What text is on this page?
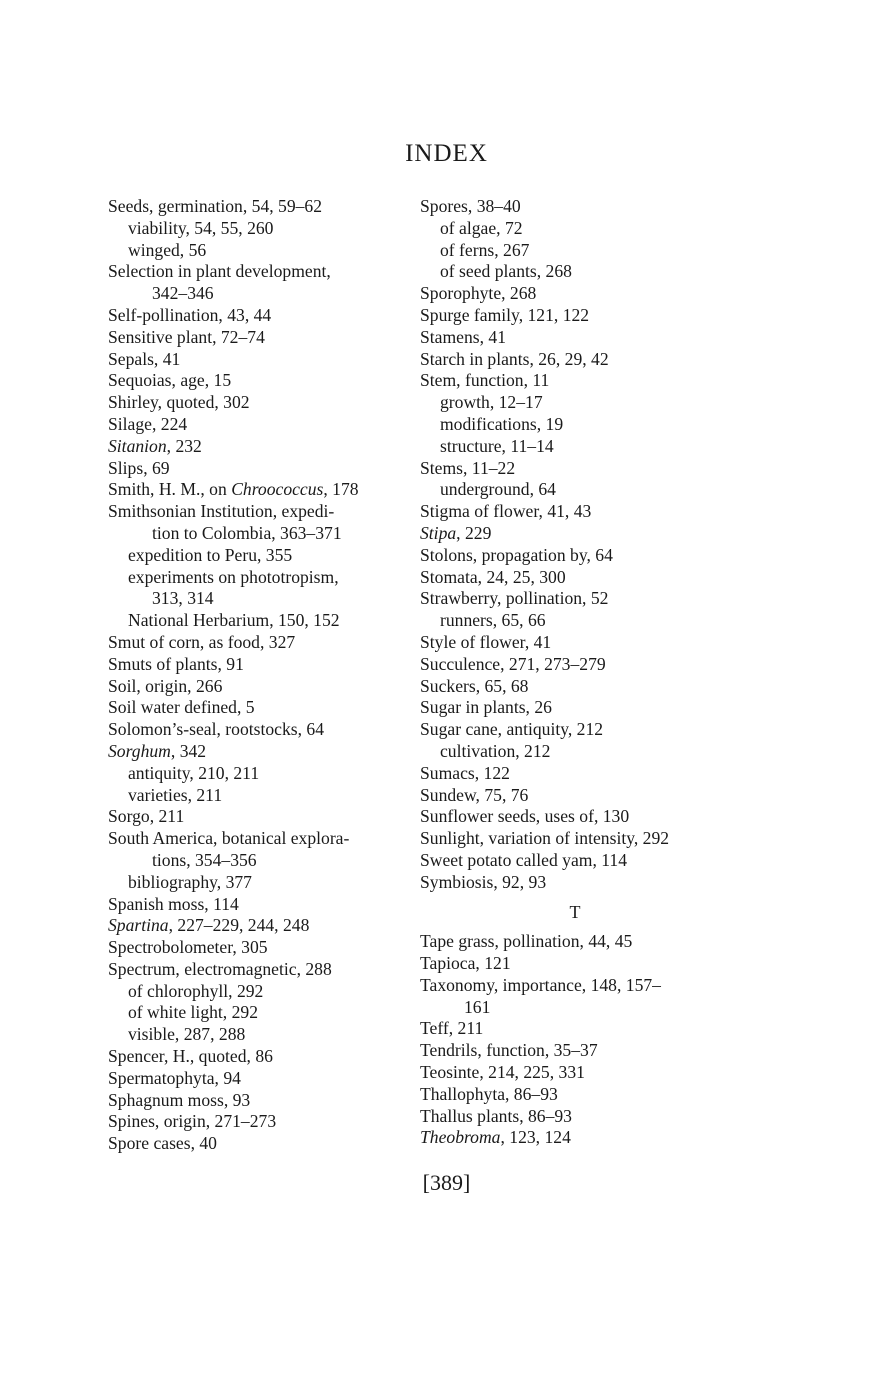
INDEX
Seeds, germination, 54, 59–62
viability, 54, 55, 260
winged, 56
Selection in plant development,
342–346
Self-pollination, 43, 44
Sensitive plant, 72–74
Sepals, 41
Sequoias, age, 15
Shirley, quoted, 302
Silage, 224
Sitanion, 232
Slips, 69
Smith, H. M., on Chroococcus, 178
Smithsonian Institution, expedi-
tion to Colombia, 363–371
expedition to Peru, 355
experiments on phototropism,
313, 314
National Herbarium, 150, 152
Smut of corn, as food, 327
Smuts of plants, 91
Soil, origin, 266
Soil water defined, 5
Solomon’s-seal, rootstocks, 64
Sorghum, 342
antiquity, 210, 211
varieties, 211
Sorgo, 211
South America, botanical explora-
tions, 354–356
bibliography, 377
Spanish moss, 114
Spartina, 227–229, 244, 248
Spectrobolometer, 305
Spectrum, electromagnetic, 288
of chlorophyll, 292
of white light, 292
visible, 287, 288
Spencer, H., quoted, 86
Spermatophyta, 94
Sphagnum moss, 93
Spines, origin, 271–273
Spore cases, 40
Spores, 38–40
of algae, 72
of ferns, 267
of seed plants, 268
Sporophyte, 268
Spurge family, 121, 122
Stamens, 41
Starch in plants, 26, 29, 42
Stem, function, 11
growth, 12–17
modifications, 19
structure, 11–14
Stems, 11–22
underground, 64
Stigma of flower, 41, 43
Stipa, 229
Stolons, propagation by, 64
Stomata, 24, 25, 300
Strawberry, pollination, 52
runners, 65, 66
Style of flower, 41
Succulence, 271, 273–279
Suckers, 65, 68
Sugar in plants, 26
Sugar cane, antiquity, 212
cultivation, 212
Sumacs, 122
Sundew, 75, 76
Sunflower seeds, uses of, 130
Sunlight, variation of intensity, 292
Sweet potato called yam, 114
Symbiosis, 92, 93
T
Tape grass, pollination, 44, 45
Tapioca, 121
Taxonomy, importance, 148, 157–
161
Teff, 211
Tendrils, function, 35–37
Teosinte, 214, 225, 331
Thallophyta, 86–93
Thallus plants, 86–93
Theobroma, 123, 124
[389]
